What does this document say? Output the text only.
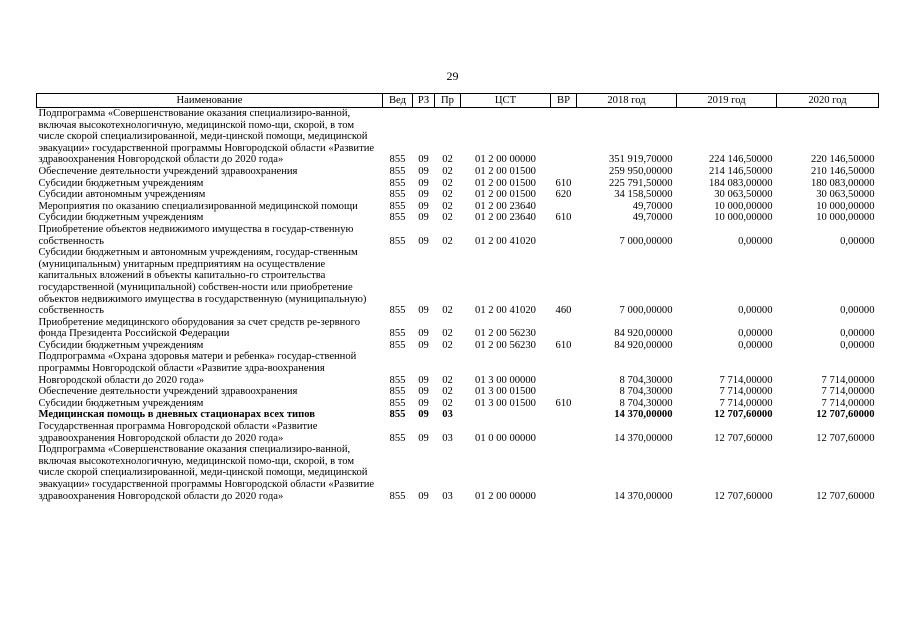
29
Наименование	Вед	РЗ	Пр	ЦСТ	ВР	2018 год	2019 год	2020 год
Подпрограмма «Совершенствование оказания специализиро-ванной, включая высокотехнологичную, медицинской помо-щи, скорой, в том числе скорой специализированной, меди-цинской помощи, медицинской эвакуации» государственной программы Новгородской области «Развитие здравоохранения Новгородской области до 2020 года»	855	09	02	01 2 00 00000		351 919,70000	224 146,50000	220 146,50000
Обеспечение деятельности учреждений здравоохранения	855	09	02	01 2 00 01500		259 950,00000	214 146,50000	210 146,50000
Субсидии бюджетным учреждениям	855	09	02	01 2 00 01500	610	225 791,50000	184 083,00000	180 083,00000
Субсидии автономным учреждениям	855	09	02	01 2 00 01500	620	34 158,50000	30 063,50000	30 063,50000
Мероприятия по оказанию специализированной медицинской помощи	855	09	02	01 2 00 23640		49,70000	10 000,00000	10 000,00000
Субсидии бюджетным учреждениям	855	09	02	01 2 00 23640	610	49,70000	10 000,00000	10 000,00000
Приобретение объектов недвижимого имущества в государ-ственную собственность	855	09	02	01 2 00 41020		7 000,00000	0,00000	0,00000
Субсидии бюджетным и автономным учреждениям, государ-ственным (муниципальным) унитарным предприятиям на осуществление капитальных вложений в объекты капитально-го строительства государственной (муниципальной) собствен-ности или приобретение объектов недвижимого имущества в государственную (муниципальную) собственность	855	09	02	01 2 00 41020	460	7 000,00000	0,00000	0,00000
Приобретение медицинского оборудования за счет средств ре-зервного фонда Президента Российской Федерации	855	09	02	01 2 00 56230		84 920,00000	0,00000	0,00000
Субсидии бюджетным учреждениям	855	09	02	01 2 00 56230	610	84 920,00000	0,00000	0,00000
Подпрограмма «Охрана здоровья матери и ребенка» государ-ственной программы Новгородской области «Развитие здра-воохранения Новгородской области до 2020 года»	855	09	02	01 3 00 00000		8 704,30000	7 714,00000	7 714,00000
Обеспечение деятельности учреждений здравоохранения	855	09	02	01 3 00 01500		8 704,30000	7 714,00000	7 714,00000
Субсидии бюджетным учреждениям	855	09	02	01 3 00 01500	610	8 704,30000	7 714,00000	7 714,00000
Медицинская помощь в дневных стационарах всех типов	855	09	03			14 370,00000	12 707,60000	12 707,60000
Государственная программа Новгородской области «Развитие здравоохранения Новгородской области до 2020 года»	855	09	03	01 0 00 00000		14 370,00000	12 707,60000	12 707,60000
Подпрограмма «Совершенствование оказания специализиро-ванной, включая высокотехнологичную, медицинской помо-щи, скорой, в том числе скорой специализированной, меди-цинской помощи, медицинской эвакуации» государственной программы Новгородской области «Развитие здравоохранения Новгородской области до 2020 года»	855	09	03	01 2 00 00000		14 370,00000	12 707,60000	12 707,60000
